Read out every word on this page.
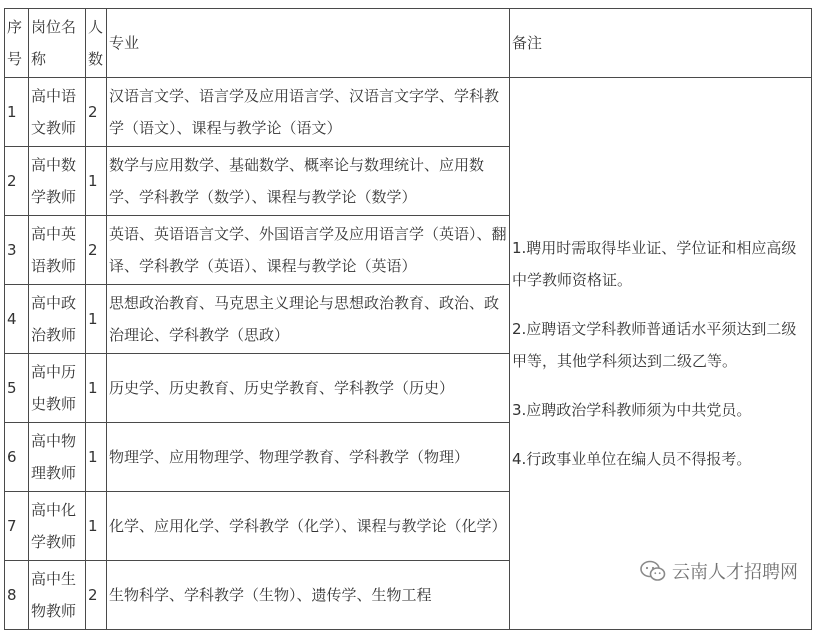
序号	岗位名称	人数	专业	备注
1	高中语文教师	2	汉语言文学、语言学及应用语言学、汉语言文字学、学科教学（语文）、课程与教学论（语文）	1.聘用时需取得毕业证、学位证和相应高级中学教师资格证。

2.应聘语文学科教师普通话水平须达到二级甲等，其他学科须达到二级乙等。

3.应聘政治学科教师须为中共党员。

4.行政事业单位在编人员不得报考。

2	高中数学教师	1	数学与应用数学、基础数学、概率论与数理统计、应用数学、学科教学（数学）、课程与教学论（数学）	
3	高中英语教师	2	英语、英语语言文学、外国语言学及应用语言学（英语）、翻译、学科教学（英语）、课程与教学论（英语）	
4	高中政治教师	1	思想政治教育、马克思主义理论与思想政治教育、政治、政治理论、学科教学（思政）	
5	高中历史教师	1	历史学、历史教育、历史学教育、学科教学（历史）	
6	高中物理教师	1	物理学、应用物理学、物理学教育、学科教学（物理）	
7	高中化学教师	1	化学、应用化学、学科教学（化学）、课程与教学论（化学）	
8	高中生物教师	2	生物科学、学科教学（生物）、遗传学、生物工程	
云南人才招聘网
